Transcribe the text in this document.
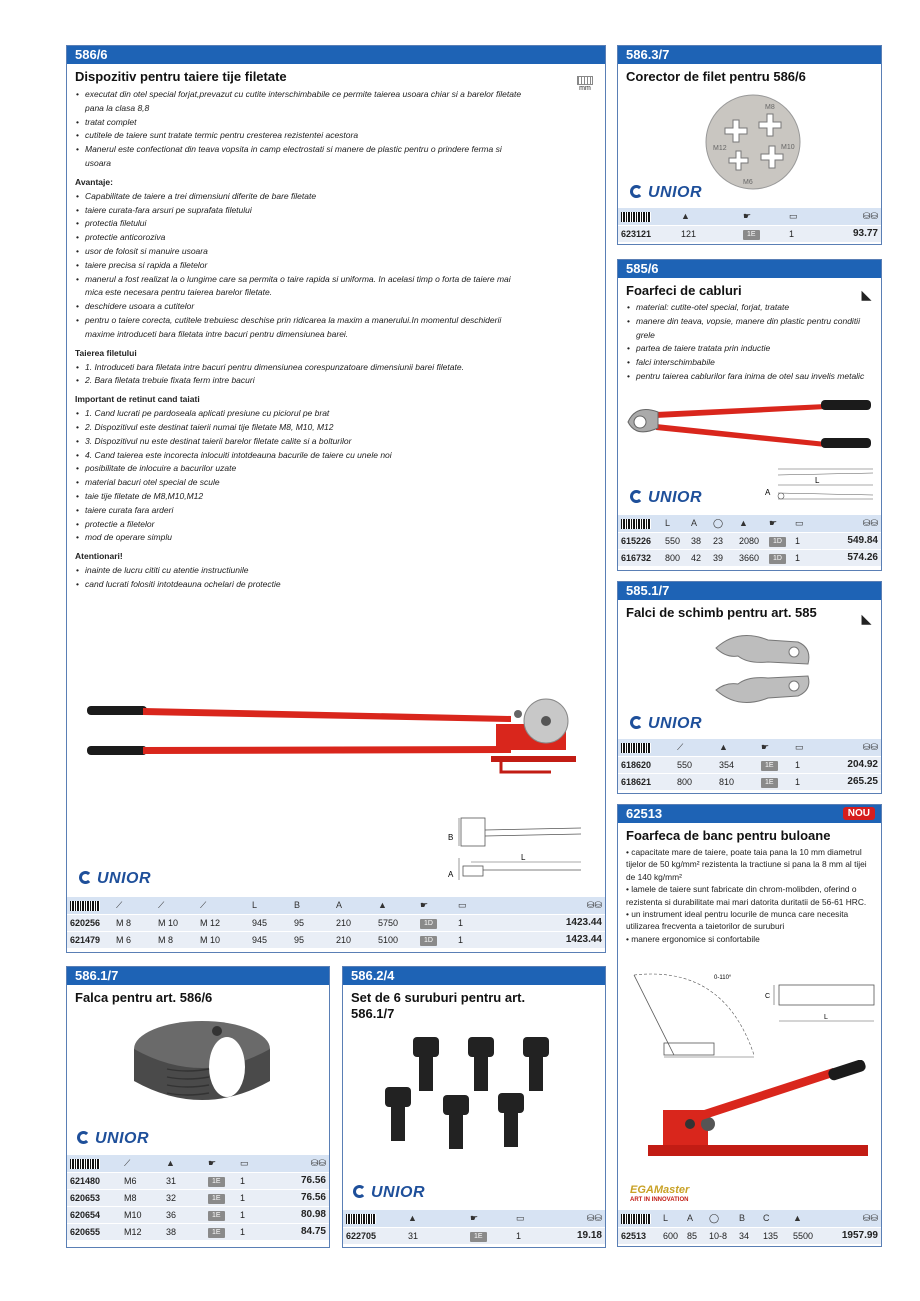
586/6
Dispozitiv pentru taiere tije filetate
mm
• executat din otel special forjat,prevazut cu cutite interschimbabile ce permite taierea usoara chiar si a barelor filetate pana la clasa 8,8
• tratat complet
• cutitele de taiere sunt tratate termic pentru cresterea rezistentei acestora
• Manerul este confectionat din teava vopsita in camp electrostati si manere de plastic pentru o prindere ferma si usoara
Avantaje:
• Capabilitate de taiere a trei dimensiuni diferite de bare filetate
• taiere curata-fara arsuri pe suprafata filetului
• protectia filetului
• protectie anticoroziva
• usor de folosit si manuire usoara
• taiere precisa si rapida a filetelor
• manerul a fost realizat la o lungime care sa permita o taire rapida si uniforma. In acelasi timp o forta de taiere mai mica este necesara pentru taierea barelor filetate.
• deschidere usoara a cutitelor
• pentru o taiere corecta, cutitele trebuiesc deschise prin ridicarea la maxim a manerului.In momentul deschiderii maxime introduceti bara filetata intre bacuri pentru dimensiunea barei.
Taierea filetului
• 1. Introduceti bara filetata intre bacuri pentru dimensiunea corespunzatoare dimensiunii barei filetate.
• 2. Bara filetata trebuie fixata ferm intre bacuri
Important de retinut cand taiati
• 1. Cand lucrati pe pardoseala aplicati presiune cu piciorul pe brat
• 2. Dispozitivul este destinat taierii numai tije filetate M8, M10, M12
• 3. Dispozitivul nu este destinat taierii barelor filetate calite si a bolturilor
• 4. Cand taierea este incorecta inlocuiti intotdeauna bacurile de taiere cu unele noi
• posibilitate de inlocuire a bacurilor uzate
• material bacuri otel special de scule
• taie tije filetate de M8,M10,M12
• taiere curata fara arderi
• protectie a filetelor
• mod de operare simplu
Atentionari!
• inainte de lucru cititi cu atentie instructiunile
• cand lucrati folositi intotdeauna ochelari de protectie
B
A
L
UNIOR
	⟋	⟋	⟋	L	B	A	▲	☛	▭	⛁⛁
620256	M 8	M 10	M 12	945	95	210	5750	1D	1	1423.44
621479	M 6	M 8	M 10	945	95	210	5100	1D	1	1423.44
586.3/7
Corector de filet pentru 586/6
M8
M12	M10
M6
UNIOR
	▲	☛	▭	⛁⛁
623121	121	1E	1	93.77
585/6
Foarfeci de cabluri	◣
• material: cutite-otel special, forjat, tratate
• manere din teava, vopsie, manere din plastic pentru conditii grele
• partea de taiere tratata prin inductie
• falci interschimbabile
• pentru taierea cablurilor fara inima de otel sau invelis metalic
A
L
UNIOR
	L	A	◯	▲	☛	▭	⛁⛁
615226	550	38	23	2080	1D	1	549.84
616732	800	42	39	3660	1D	1	574.26
585.1/7
Falci de schimb pentru art. 585	◣
UNIOR
	⟋	▲	☛	▭	⛁⛁
618620	550	354	1E	1	204.92
618621	800	810	1E	1	265.25
62513	NOU
Foarfeca de banc pentru buloane
• capacitate mare de taiere, poate taia pana la 10 mm diametrul tijelor de 50 kg/mm² rezistenta la tractiune si pana la 8 mm al tijei de 140 kg/mm²
• lamele de taiere sunt fabricate din chrom-molibden, oferind o rezistenta si durabilitate mai mari datorita duritatii de 56-61 HRC.
• un instrument ideal pentru locurile de munca care necesita utilizarea frecventa a taietorilor de suruburi
• manere ergonomice si confortabile
0-110°
C
L
EGAMaster
ART IN INNOVATION
	L	A	◯	B	C	▲	⛁⛁
62513	600	85	10-8	34	135	5500	1957.99
586.1/7
Falca pentru art. 586/6
UNIOR
	⟋	▲	☛	▭	⛁⛁
621480	M6	31	1E	1	76.56
620653	M8	32	1E	1	76.56
620654	M10	36	1E	1	80.98
620655	M12	38	1E	1	84.75
586.2/4
Set de 6 suruburi pentru art. 586.1/7
UNIOR
	▲	☛	▭	⛁⛁
622705	31	1E	1	19.18
